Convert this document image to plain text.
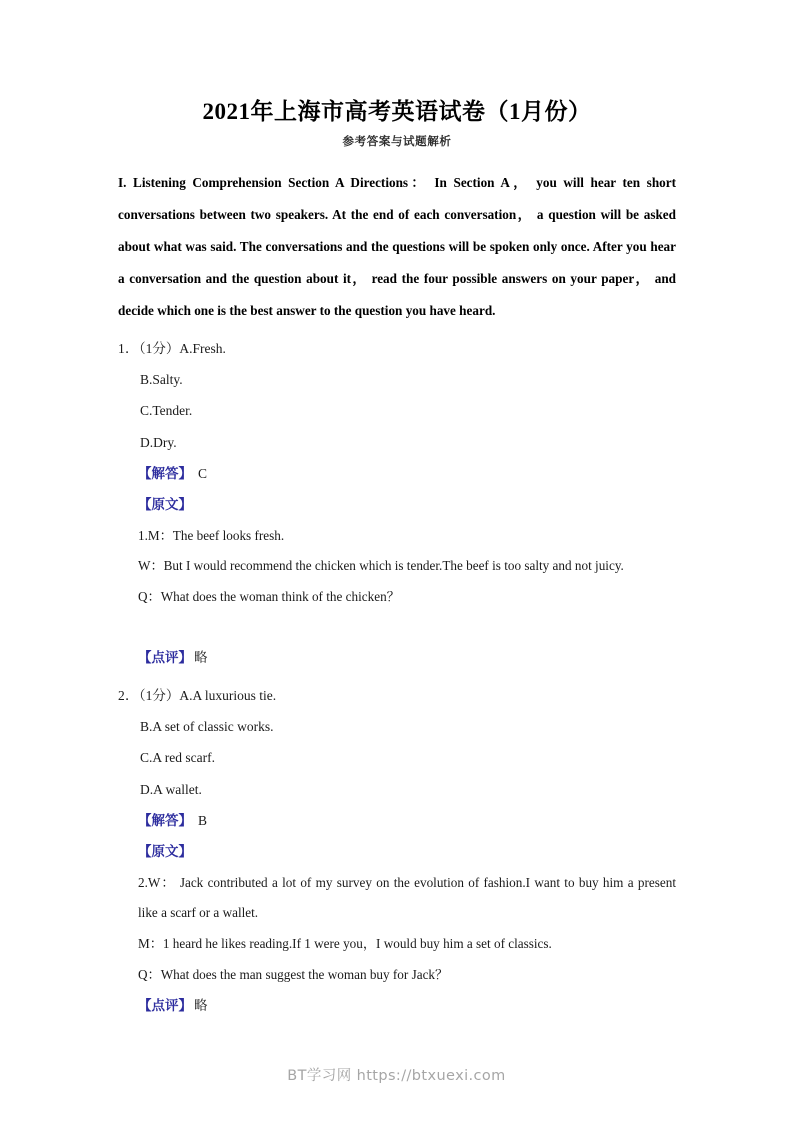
2021年上海市高考英语试卷（1月份）
参考答案与试题解析

I. Listening Comprehension Section A Directions： In Section A， you will hear ten short conversations between two speakers. At the end of each conversation， a question will be asked about what was said. The conversations and the questions will be spoken only once. After you hear a conversation and the question about it， read the four possible answers on your paper， and decide which one is the best answer to the question you have heard.

1．（1分）A.Fresh.

B.Salty.

C.Tender.

D.Dry.

【解答】 C

【原文】

1.M：The beef looks fresh.

W：But I would recommend the chicken which is tender.The beef is too salty and not juicy.

Q：What does the woman think of the chicken？

【点评】 略

2．（1分）A.A luxurious tie.

B.A set of classic works.

C.A red scarf.

D.A wallet.

【解答】 B

【原文】

2.W： Jack contributed a lot of my survey on the evolution of fashion.I want to buy him a present like a scarf or a wallet.

M：1 heard he likes reading.If 1 were you，I would buy him a set of classics.

Q：What does the man suggest the woman buy for Jack？

【点评】 略

BT学习网 https://btxuexi.com
